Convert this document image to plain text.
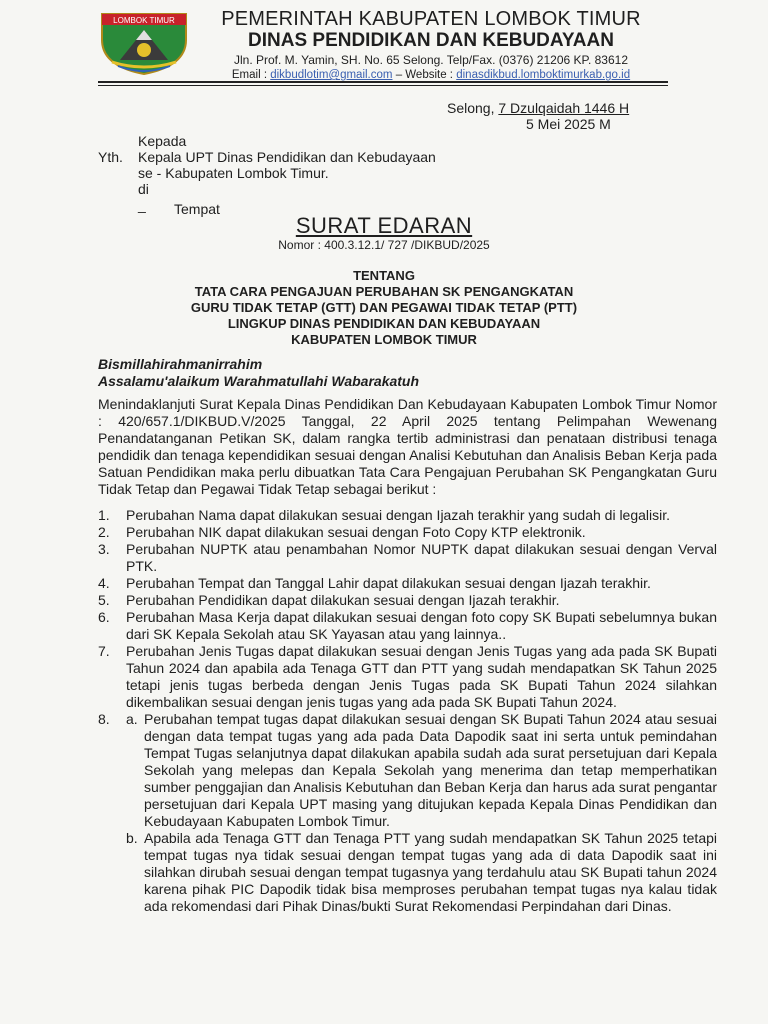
LOMBOK TIMUR	PEMERINTAH KABUPATEN LOMBOK TIMUR
DINAS PENDIDIKAN DAN KEBUDAYAAN
Jln. Prof. M. Yamin, SH. No. 65 Selong. Telp/Fax. (0376) 21206 KP. 83612
Email : dikbudlotim@gmail.com – Website : dinasdikbud.lomboktimurkab.go.id
Selong, 7 Dzulqaidah 1446 H
5 Mei 2025 M
Kepada
Yth. Kepala UPT Dinas Pendidikan dan Kebudayaan
se - Kabupaten Lombok Timur.
di _ Tempat
SURAT EDARAN
Nomor : 400.3.12.1/ 727 /DIKBUD/2025
TENTANG
TATA CARA PENGAJUAN PERUBAHAN SK PENGANGKATAN
GURU TIDAK TETAP (GTT) DAN PEGAWAI TIDAK TETAP (PTT)
LINGKUP DINAS PENDIDIKAN DAN KEBUDAYAAN
KABUPATEN LOMBOK TIMUR
Bismillahirahmanirrahim
Assalamu'alaikum Warahmatullahi Wabarakatuh
Menindaklanjuti Surat Kepala Dinas Pendidikan Dan Kebudayaan Kabupaten Lombok Timur Nomor : 420/657.1/DIKBUD.V/2025 Tanggal, 22 April 2025 tentang Pelimpahan Wewenang Penandatanganan Petikan SK, dalam rangka tertib administrasi dan penataan distribusi tenaga pendidik dan tenaga kependidikan sesuai dengan Analisi Kebutuhan dan Analisis Beban Kerja pada Satuan Pendidikan maka perlu dibuatkan Tata Cara Pengajuan Perubahan SK Pengangkatan Guru Tidak Tetap dan Pegawai Tidak Tetap sebagai berikut :
1. Perubahan Nama dapat dilakukan sesuai dengan Ijazah terakhir yang sudah di legalisir.
2. Perubahan NIK dapat dilakukan sesuai dengan Foto Copy KTP elektronik.
3. Perubahan NUPTK atau penambahan Nomor NUPTK dapat dilakukan sesuai dengan Verval PTK.
4. Perubahan Tempat dan Tanggal Lahir dapat dilakukan sesuai dengan Ijazah terakhir.
5. Perubahan Pendidikan dapat dilakukan sesuai dengan Ijazah terakhir.
6. Perubahan Masa Kerja dapat dilakukan sesuai dengan foto copy SK Bupati sebelumnya bukan dari SK Kepala Sekolah atau SK Yayasan atau yang lainnya..
7. Perubahan Jenis Tugas dapat dilakukan sesuai dengan Jenis Tugas yang ada pada SK Bupati Tahun 2024 dan apabila ada Tenaga GTT dan PTT yang sudah mendapatkan SK Tahun 2025 tetapi jenis tugas berbeda dengan Jenis Tugas pada SK Bupati Tahun 2024 silahkan dikembalikan sesuai dengan jenis tugas yang ada pada SK Bupati Tahun 2024.
8. a. Perubahan tempat tugas dapat dilakukan sesuai dengan SK Bupati Tahun 2024 atau sesuai dengan data tempat tugas yang ada pada Data Dapodik saat ini serta untuk pemindahan Tempat Tugas selanjutnya dapat dilakukan apabila sudah ada surat persetujuan dari Kepala Sekolah yang melepas dan Kepala Sekolah yang menerima dan tetap memperhatikan sumber penggajian dan Analisis Kebutuhan dan Beban Kerja dan harus ada surat pengantar persetujuan dari Kepala UPT masing yang ditujukan kepada Kepala Dinas Pendidikan dan Kebudayaan Kabupaten Lombok Timur.
b. Apabila ada Tenaga GTT dan Tenaga PTT yang sudah mendapatkan SK Tahun 2025 tetapi tempat tugas nya tidak sesuai dengan tempat tugas yang ada di data Dapodik saat ini silahkan dirubah sesuai dengan tempat tugasnya yang terdahulu atau SK Bupati tahun 2024 karena pihak PIC Dapodik tidak bisa memproses perubahan tempat tugas nya kalau tidak ada rekomendasi dari Pihak Dinas/bukti Surat Rekomendasi Perpindahan dari Dinas.
